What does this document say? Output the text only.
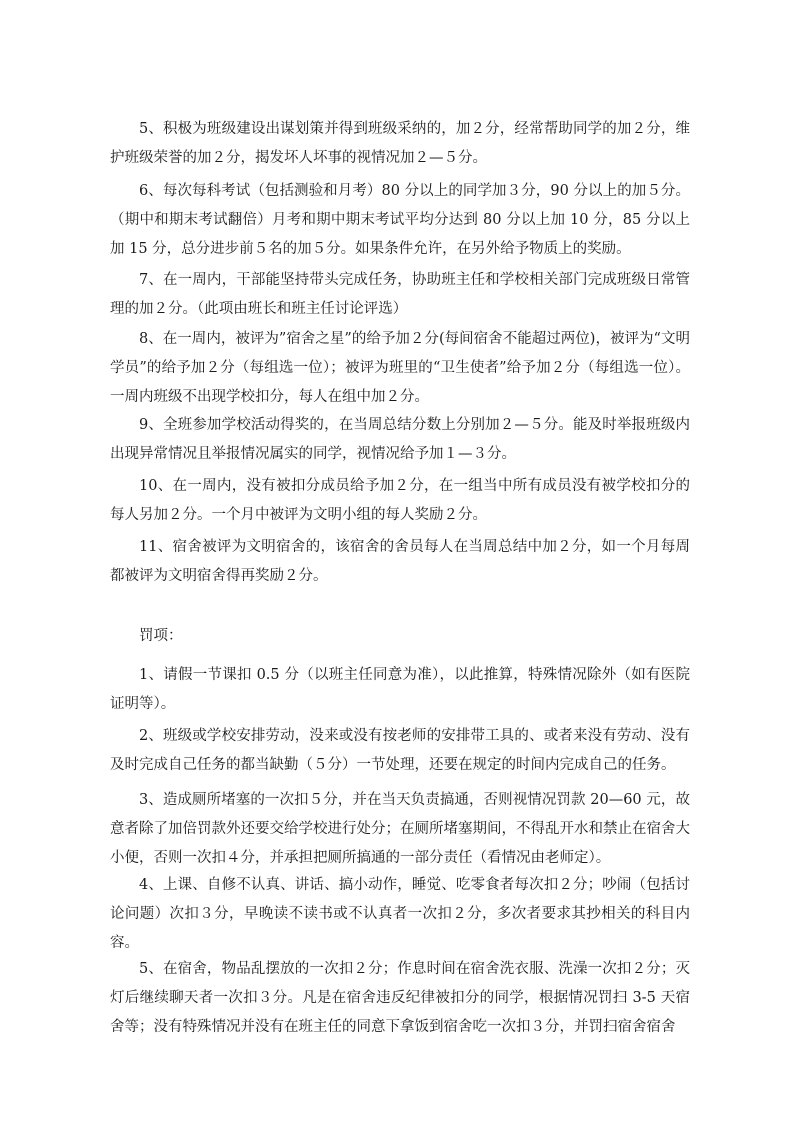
5、积极为班级建设出谋划策并得到班级采纳的，加２分，经常帮助同学的加２分，维护班级荣誉的加２分，揭发坏人坏事的视情况加２—５分。

6、每次每科考试（包括测验和月考）80 分以上的同学加３分，90 分以上的加５分。（期中和期末考试翻倍）月考和期中期末考试平均分达到 80 分以上加 10 分，85 分以上加 15 分，总分进步前５名的加５分。如果条件允许，在另外给予物质上的奖励。

7、在一周内，干部能坚持带头完成任务，协助班主任和学校相关部门完成班级日常管理的加２分。（此项由班长和班主任讨论评选）

8、在一周内，被评为”宿舍之星”的给予加２分(每间宿舍不能超过两位)，被评为“文明学员”的给予加２分（每组选一位）；被评为班里的“卫生使者”给予加２分（每组选一位）。一周内班级不出现学校扣分，每人在组中加２分。

9、全班参加学校活动得奖的，在当周总结分数上分别加２—５分。能及时举报班级内出现异常情况且举报情况属实的同学，视情况给予加１—３分。

10、在一周内，没有被扣分成员给予加２分，在一组当中所有成员没有被学校扣分的每人另加２分。一个月中被评为文明小组的每人奖励２分。

11、宿舍被评为文明宿舍的，该宿舍的舍员每人在当周总结中加２分，如一个月每周都被评为文明宿舍得再奖励２分。

罚项：

1、请假一节课扣 0.5 分（以班主任同意为准），以此推算，特殊情况除外（如有医院证明等）。

2、班级或学校安排劳动，没来或没有按老师的安排带工具的、或者来没有劳动、没有及时完成自己任务的都当缺勤（５分）一节处理，还要在规定的时间内完成自己的任务。

3、造成厕所堵塞的一次扣５分，并在当天负责搞通，否则视情况罚款 20—60 元，故意者除了加倍罚款外还要交给学校进行处分；在厕所堵塞期间，不得乱开水和禁止在宿舍大小便，否则一次扣４分，并承担把厕所搞通的一部分责任（看情况由老师定）。

4、上课、自修不认真、讲话、搞小动作，睡觉、吃零食者每次扣２分；吵闹（包括讨论问题）次扣３分，早晚读不读书或不认真者一次扣２分，多次者要求其抄相关的科目内容。

5、在宿舍，物品乱摆放的一次扣２分；作息时间在宿舍洗衣服、洗澡一次扣２分；灭灯后继续聊天者一次扣３分。凡是在宿舍违反纪律被扣分的同学，根据情况罚扫 3-5 天宿舍等；没有特殊情况并没有在班主任的同意下拿饭到宿舍吃一次扣３分，并罚扫宿舍宿舍
